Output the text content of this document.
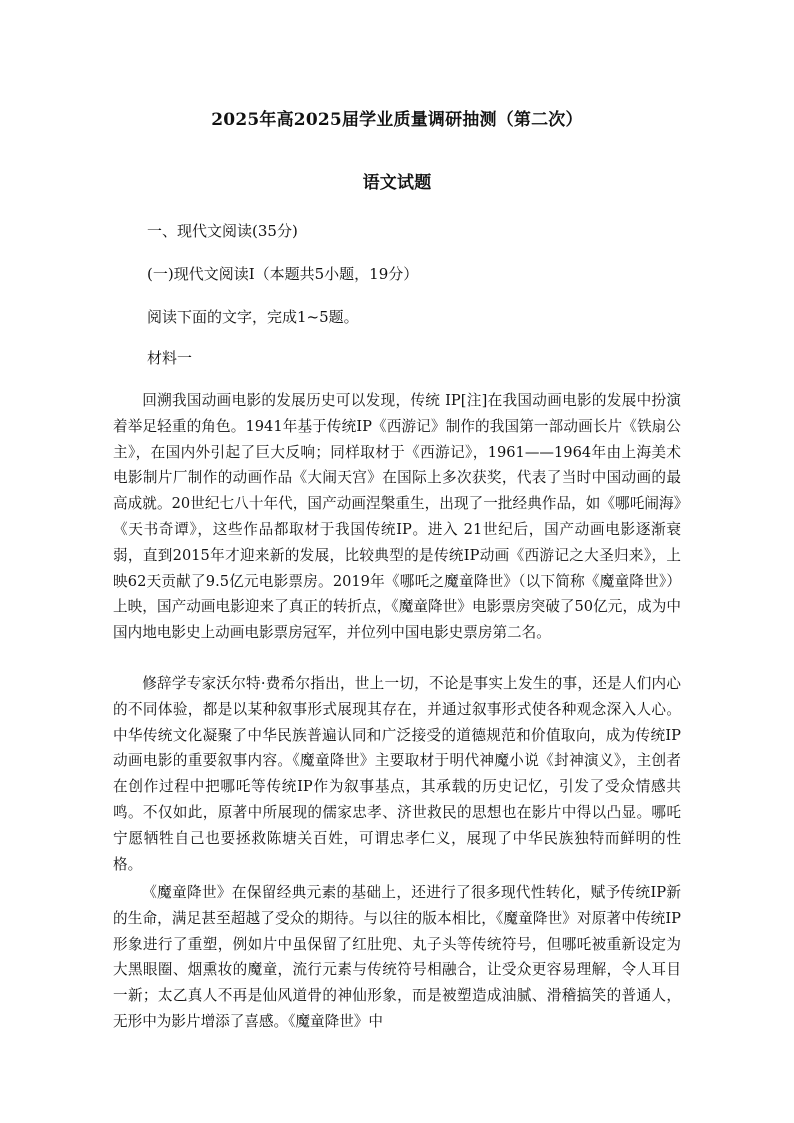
2025年高2025届学业质量调研抽测（第二次）
语文试题
一、现代文阅读(35分)
(一)现代文阅读Ⅰ（本题共5小题，19分）
阅读下面的文字，完成1~5题。
材料一

回溯我国动画电影的发展历史可以发现，传统 IP[注]在我国动画电影的发展中扮演着举足轻重的角色。1941年基于传统IP《西游记》制作的我国第一部动画长片《铁扇公主》，在国内外引起了巨大反响；同样取材于《西游记》，1961——1964年由上海美术电影制片厂制作的动画作品《大闹天宫》在国际上多次获奖，代表了当时中国动画的最高成就。20世纪七八十年代，国产动画涅槃重生，出现了一批经典作品，如《哪吒闹海》《天书奇谭》，这些作品都取材于我国传统IP。进入 21世纪后，国产动画电影逐渐衰弱，直到2015年才迎来新的发展，比较典型的是传统IP动画《西游记之大圣归来》，上映62天贡献了9.5亿元电影票房。2019年《哪吒之魔童降世》（以下简称《魔童降世》）上映，国产动画电影迎来了真正的转折点，《魔童降世》电影票房突破了50亿元，成为中国内地电影史上动画电影票房冠军，并位列中国电影史票房第二名。

修辞学专家沃尔特·费希尔指出，世上一切，不论是事实上发生的事，还是人们内心的不同体验，都是以某种叙事形式展现其存在，并通过叙事形式使各种观念深入人心。中华传统文化凝聚了中华民族普遍认同和广泛接受的道德规范和价值取向，成为传统IP动画电影的重要叙事内容。《魔童降世》主要取材于明代神魔小说《封神演义》，主创者在创作过程中把哪吒等传统IP作为叙事基点，其承载的历史记忆，引发了受众情感共鸣。不仅如此，原著中所展现的儒家忠孝、济世救民的思想也在影片中得以凸显。哪吒宁愿牺牲自己也要拯救陈塘关百姓，可谓忠孝仁义，展现了中华民族独特而鲜明的性格。

《魔童降世》在保留经典元素的基础上，还进行了很多现代性转化，赋予传统IP新的生命，满足甚至超越了受众的期待。与以往的版本相比，《魔童降世》对原著中传统IP形象进行了重塑，例如片中虽保留了红肚兜、丸子头等传统符号，但哪吒被重新设定为大黑眼圈、烟熏妆的魔童，流行元素与传统符号相融合，让受众更容易理解，令人耳目一新；太乙真人不再是仙风道骨的神仙形象，而是被塑造成油腻、滑稽搞笑的普通人，无形中为影片增添了喜感。《魔童降世》中
